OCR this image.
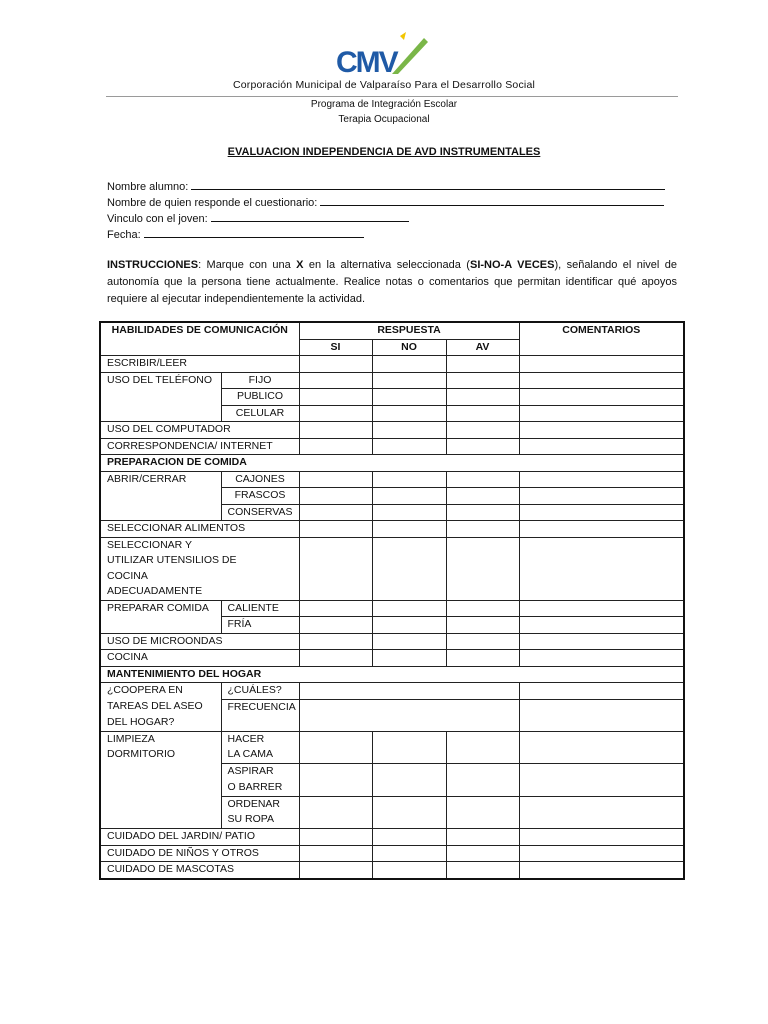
CMV
Corporación Municipal de Valparaíso Para el Desarrollo Social
Programa de Integración Escolar
Terapia Ocupacional
EVALUACION INDEPENDENCIA DE AVD INSTRUMENTALES
Nombre alumno:
Nombre de quien responde el cuestionario:
Vinculo con el joven:
Fecha:
INSTRUCCIONES: Marque con una X en la alternativa seleccionada (SI-NO-A VECES), señalando el nivel de autonomía que la persona tiene actualmente. Realice notas o comentarios que permitan identificar qué apoyos requiere al ejecutar independientemente la actividad.
HABILIDADES DE COMUNICACIÓN		RESPUESTA			COMENTARIOS
		SI	NO	AV	
ESCRIBIR/LEER					
USO DEL TELÉFONO	FIJO				
	PUBLICO				
	CELULAR				
USO DEL COMPUTADOR					
CORRESPONDENCIA/ INTERNET					
PREPARACION DE COMIDA					
ABRIR/CERRAR	CAJONES				
	FRASCOS				
	CONSERVAS				
SELECCIONAR ALIMENTOS					
SELECCIONAR Y UTILIZAR UTENSILIOS DE COCINA ADECUADAMENTE					
PREPARAR COMIDA	CALIENTE				
	FRÍA				
USO DE MICROONDAS					
COCINA					
MANTENIMIENTO DEL HOGAR					
¿COOPERA EN TAREAS DEL ASEO DEL HOGAR?	¿CUÁLES?				
	FRECUENCIA				
LIMPIEZA DORMITORIO	HACER LA CAMA				
	ASPIRAR O BARRER				
	ORDENAR SU ROPA				
CUIDADO DEL JARDIN/ PATIO					
CUIDADO DE NIÑOS Y OTROS					
CUIDADO DE MASCOTAS					
